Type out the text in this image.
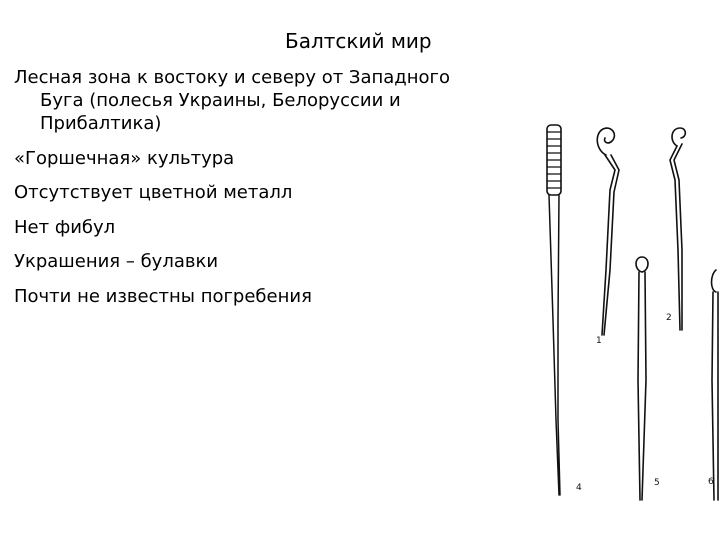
Балтский мир
Лесная зона к востоку и северу от Западного Буга (полесья Украины, Белоруссии и Прибалтика)
«Горшечная» культура
Отсутствует цветной металл
Нет фибул
Украшения – булавки
Почти не известны погребения
1
2
4	5	6
